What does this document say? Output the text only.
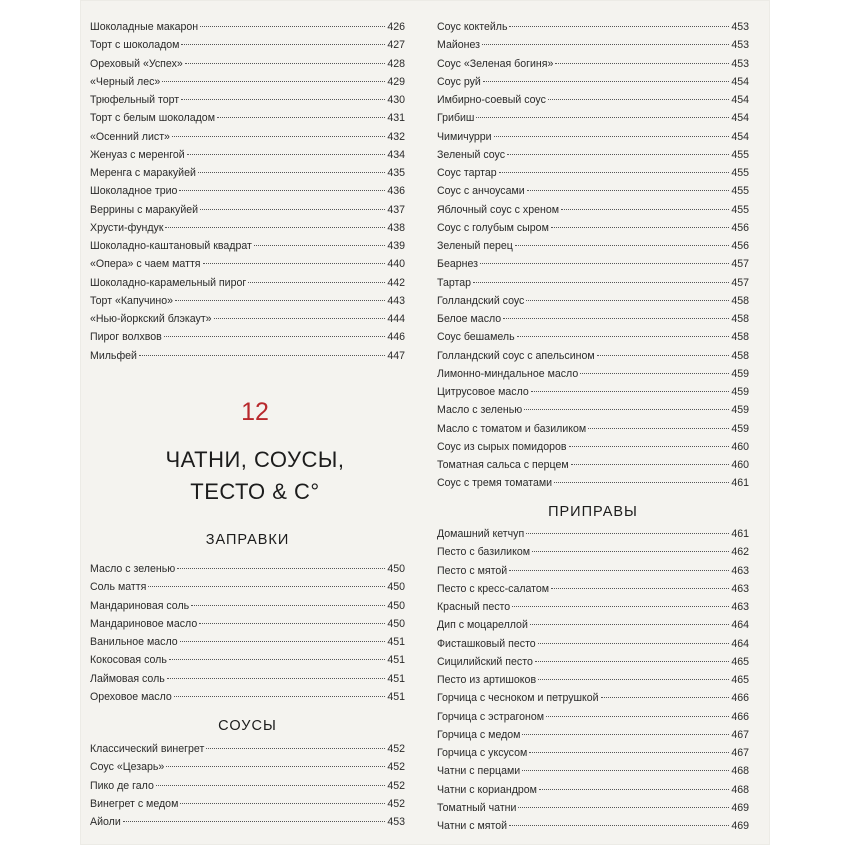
Шоколадные макарон	426
Торт с шоколадом	427
Ореховый «Успех»	428
«Черный лес»	429
Трюфельный торт	430
Торт с белым шоколадом	431
«Осенний лист»	432
Женуаз с меренгой	434
Меренга с маракуйей	435
Шоколадное трио	436
Веррины с маракуйей	437
Хрусти-фундук	438
Шоколадно-каштановый квадрат	439
«Опера» с чаем маття	440
Шоколадно-карамельный пирог	442
Торт «Капучино»	443
«Нью-йоркский блэкаут»	444
Пирог волхвов	446
Мильфей	447
12
ЧАТНИ, СОУСЫ,
ТЕСТО & С°
ЗАПРАВКИ
Масло с зеленью	450
Соль маття	450
Мандариновая соль	450
Мандариновое масло	450
Ванильное масло	451
Кокосовая соль	451
Лаймовая соль	451
Ореховое масло	451
СОУСЫ
Классический винегрет	452
Соус «Цезарь»	452
Пико де гало	452
Винегрет с медом	452
Айоли	453
Соус коктейль	453
Майонез	453
Соус «Зеленая богиня»	453
Соус руй	454
Имбирно-соевый соус	454
Грибиш	454
Чимичурри	454
Зеленый соус	455
Соус тартар	455
Соус с анчоусами	455
Яблочный соус с хреном	455
Соус с голубым сыром	456
Зеленый перец	456
Беарнез	457
Тартар	457
Голландский соус	458
Белое масло	458
Соус бешамель	458
Голландский соус с апельсином	458
Лимонно-миндальное масло	459
Цитрусовое масло	459
Масло с зеленью	459
Масло с томатом и базиликом	459
Соус из сырых помидоров	460
Томатная сальса с перцем	460
Соус с тремя томатами	461
ПРИПРАВЫ
Домашний кетчуп	461
Песто с базиликом	462
Песто с мятой	463
Песто с кресс-салатом	463
Красный песто	463
Дип с моцареллой	464
Фисташковый песто	464
Сицилийский песто	465
Песто из артишоков	465
Горчица с чесноком и петрушкой	466
Горчица с эстрагоном	466
Горчица с медом	467
Горчица с уксусом	467
Чатни с перцами	468
Чатни с кориандром	468
Томатный чатни	469
Чатни с мятой	469
